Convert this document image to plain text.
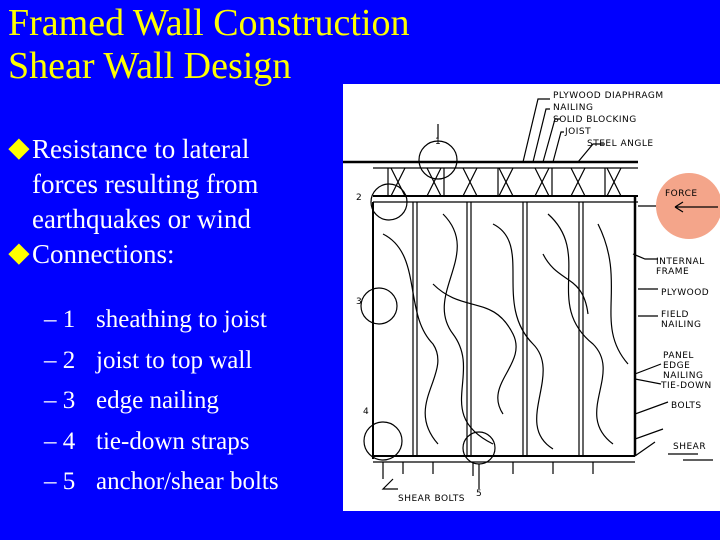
Framed Wall Construction
Shear Wall Design
Resistance to lateral
forces resulting from
earthquakes or wind
Connections:
– 1 sheathing to joist
– 2 joist to top wall
– 3 edge nailing
– 4 tie-down straps
– 5 anchor/shear bolts
PLYWOOD DIAPHRAGM
NAILING
SOLID BLOCKING
JOIST
STEEL ANGLE
FORCE
INTERNAL
FRAME
PLYWOOD
FIELD
NAILING
PANEL
EDGE
NAILING
TIE-DOWN
BOLTS
SHEAR
SHEAR BOLTS
1
2
3
4
5
